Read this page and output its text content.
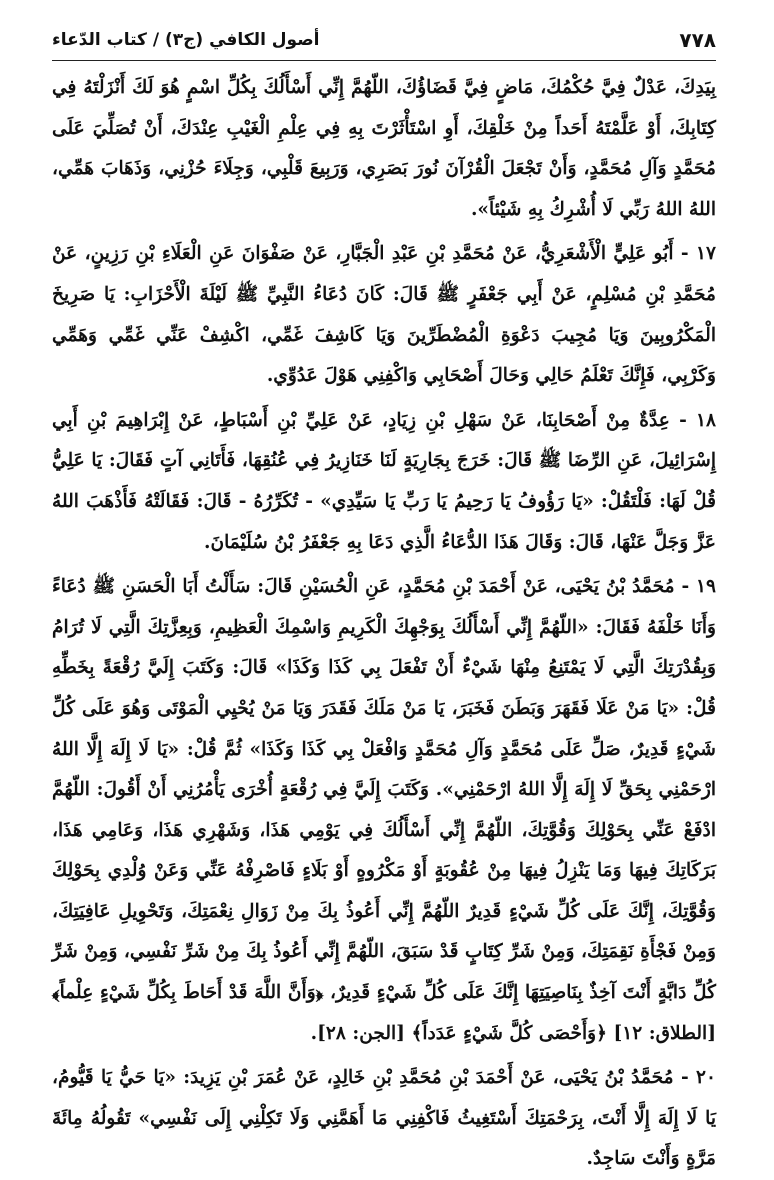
٧٧٨
أصول الكافي (ج٣) / كتاب الدّعاء

بِيَدِكَ، عَدْلٌ فِيَّ حُكْمُكَ، مَاضٍ فِيَّ قَضَاؤُكَ، اللّهُمَّ إِنِّي أَسْأَلُكَ بِكُلِّ اسْمٍ هُوَ لَكَ أَنْزَلْتَهُ فِي كِتَابِكَ، أَوْ عَلَّمْتَهُ أَحَداً مِنْ خَلْقِكَ، أَوِ اسْتَأْثَرْتَ بِهِ فِي عِلْمِ الْغَيْبِ عِنْدَكَ، أَنْ تُصَلِّيَ عَلَى مُحَمَّدٍ وَآلِ مُحَمَّدٍ، وَأَنْ تَجْعَلَ الْقُرْآنَ نُورَ بَصَرِي، وَرَبِيعَ قَلْبِي، وَجِلَاءَ حُزْنِي، وَذَهَابَ هَمِّي، اللهُ اللهُ رَبِّي لَا أُشْرِكُ بِهِ شَيْئاً».

١٧ - أَبُو عَلِيٍّ الْأَشْعَرِيُّ، عَنْ مُحَمَّدِ بْنِ عَبْدِ الْجَبَّارِ، عَنْ صَفْوَانَ عَنِ الْعَلَاءِ بْنِ رَزِينٍ، عَنْ مُحَمَّدِ بْنِ مُسْلِمٍ، عَنْ أَبِي جَعْفَرٍ ﷺ قَالَ: كَانَ دُعَاءُ النَّبِيِّ ﷺ لَيْلَةَ الْأَحْزَابِ: يَا صَرِيخَ الْمَكْرُوبِينَ وَيَا مُجِيبَ دَعْوَةِ الْمُضْطَرِّينَ وَيَا كَاشِفَ غَمِّي، اكْشِفْ عَنِّي غَمِّي وَهَمِّي وَكَرْبِي، فَإِنَّكَ تَعْلَمُ حَالِي وَحَالَ أَصْحَابِي وَاكْفِنِي هَوْلَ عَدُوِّي.

١٨ - عِدَّةٌ مِنْ أَصْحَابِنَا، عَنْ سَهْلِ بْنِ زِيَادٍ، عَنْ عَلِيِّ بْنِ أَسْبَاطٍ، عَنْ إِبْرَاهِيمَ بْنِ أَبِي إِسْرَائِيلَ، عَنِ الرِّضَا ﷺ قَالَ: خَرَجَ بِجَارِيَةٍ لَنَا خَنَازِيرُ فِي عُنُقِهَا، فَأَتَانِي آتٍ فَقَالَ: يَا عَلِيُّ قُلْ لَهَا: فَلْتَقُلْ: «يَا رَؤُوفُ يَا رَحِيمُ يَا رَبِّ يَا سَيِّدِي» - تُكَرِّرُهُ - قَالَ: فَقَالَتْهُ فَأَذْهَبَ اللهُ عَزَّ وَجَلَّ عَنْهَا، قَالَ: وَقَالَ هَذَا الدُّعَاءُ الَّذِي دَعَا بِهِ جَعْفَرُ بْنُ سُلَيْمَانَ.

١٩ - مُحَمَّدُ بْنُ يَحْيَى، عَنْ أَحْمَدَ بْنِ مُحَمَّدٍ، عَنِ الْحُسَيْنِ قَالَ: سَأَلْتُ أَبَا الْحَسَنِ ﷺ دُعَاءً وَأَنَا خَلْفَهُ فَقَالَ: «اللّهُمَّ إِنِّي أَسْأَلُكَ بِوَجْهِكَ الْكَرِيمِ وَاسْمِكَ الْعَظِيمِ، وَبِعِزَّتِكَ الَّتِي لَا تُرَامُ وَبِقُدْرَتِكَ الَّتِي لَا يَمْتَنِعُ مِنْهَا شَيْءٌ أَنْ تَفْعَلَ بِي كَذَا وَكَذَا» قَالَ: وَكَتَبَ إِلَيَّ رُقْعَةً بِخَطِّهِ قُلْ: «يَا مَنْ عَلَا فَقَهَرَ وَبَطَنَ فَخَبَرَ، يَا مَنْ مَلَكَ فَقَدَرَ وَيَا مَنْ يُحْيِي الْمَوْتَى وَهُوَ عَلَى كُلِّ شَيْءٍ قَدِيرٌ، صَلِّ عَلَى مُحَمَّدٍ وَآلِ مُحَمَّدٍ وَافْعَلْ بِي كَذَا وَكَذَا» ثُمَّ قُلْ: «يَا لَا إِلَهَ إِلَّا اللهُ ارْحَمْنِي بِحَقِّ لَا إِلَهَ إِلَّا اللهُ ارْحَمْنِي». وَكَتَبَ إِلَيَّ فِي رُقْعَةٍ أُخْرَى يَأْمُرُنِي أَنْ أَقُولَ: اللّهُمَّ ادْفَعْ عَنِّي بِحَوْلِكَ وَقُوَّتِكَ، اللّهُمَّ إِنِّي أَسْأَلُكَ فِي يَوْمِي هَذَا، وَشَهْرِي هَذَا، وَعَامِي هَذَا، بَرَكَاتِكَ فِيهَا وَمَا يَنْزِلُ فِيهَا مِنْ عُقُوبَةٍ أَوْ مَكْرُوهٍ أَوْ بَلَاءٍ فَاصْرِفْهُ عَنِّي وَعَنْ وُلْدِي بِحَوْلِكَ وَقُوَّتِكَ، إِنَّكَ عَلَى كُلِّ شَيْءٍ قَدِيرٌ اللّهُمَّ إِنِّي أَعُوذُ بِكَ مِنْ زَوَالِ نِعْمَتِكَ، وَتَحْوِيلِ عَافِيَتِكَ، وَمِنْ فَجْأَةِ نَقِمَتِكَ، وَمِنْ شَرِّ كِتَابٍ قَدْ سَبَقَ، اللّهُمَّ إِنِّي أَعُوذُ بِكَ مِنْ شَرِّ نَفْسِي، وَمِنْ شَرِّ كُلِّ دَابَّةٍ أَنْتَ آخِذٌ بِنَاصِيَتِهَا إِنَّكَ عَلَى كُلِّ شَيْءٍ قَدِيرٌ، ﴿وَأَنَّ اللَّهَ قَدْ أَحَاطَ بِكُلِّ شَيْءٍ عِلْماً﴾ [الطلاق: ١٢] ﴿وَأَحْصَى كُلَّ شَيْءٍ عَدَداً﴾ [الجن: ٢٨].

٢٠ - مُحَمَّدُ بْنُ يَحْيَى، عَنْ أَحْمَدَ بْنِ مُحَمَّدِ بْنِ خَالِدٍ، عَنْ عُمَرَ بْنِ يَزِيدَ: «يَا حَيُّ يَا قَيُّومُ، يَا لَا إِلَهَ إِلَّا أَنْتَ، بِرَحْمَتِكَ أَسْتَغِيثُ فَاكْفِنِي مَا أَهَمَّنِي وَلَا تَكِلْنِي إِلَى نَفْسِي» تَقُولُهُ مِائَةَ مَرَّةٍ وَأَنْتَ سَاجِدٌ.
